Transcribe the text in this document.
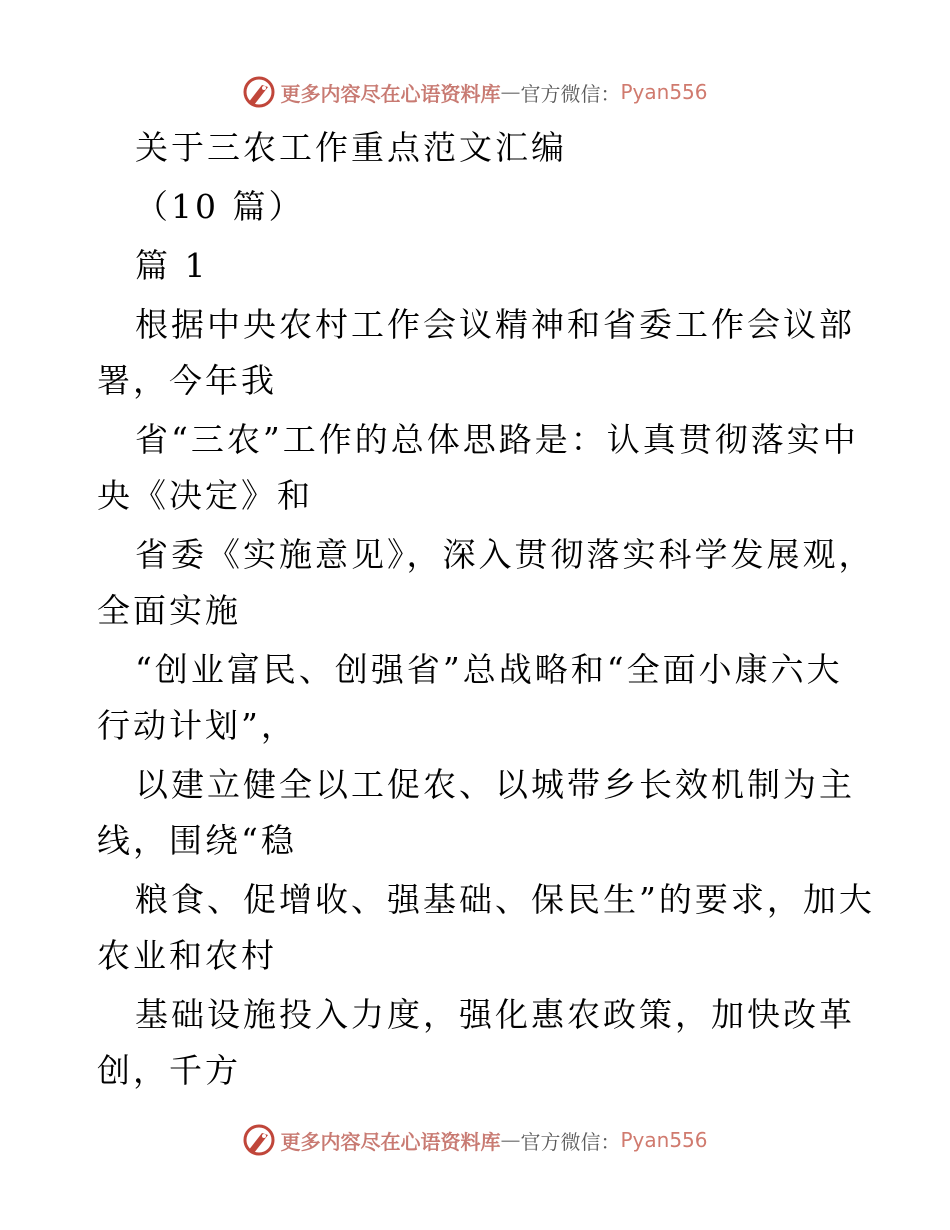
更多内容尽在心语资料库 — 官方微信： Pyan556
关于三农工作重点范文汇编
（10 篇）
篇 1
根据中央农村工作会议精神和省委工作会议部
署，今年我
省“三农”工作的总体思路是：认真贯彻落实中
央《决定》和
省委《实施意见》，深入贯彻落实科学发展观，
全面实施
“创业富民、创强省”总战略和“全面小康六大
行动计划”，
以建立健全以工促农、以城带乡长效机制为主
线，围绕“稳
粮食、促增收、强基础、保民生”的要求，加大
农业和农村
基础设施投入力度，强化惠农政策，加快改革
创，千方
更多内容尽在心语资料库 — 官方微信： Pyan556
